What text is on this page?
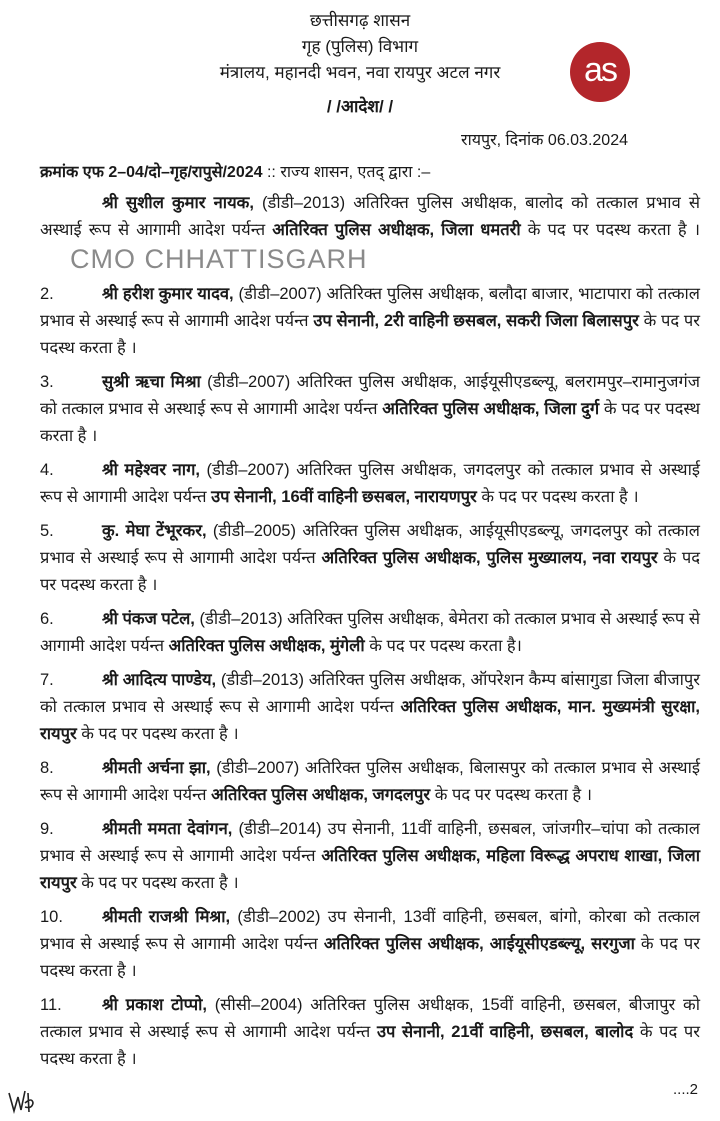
छत्तीसगढ़ शासन
गृह (पुलिस) विभाग
मंत्रालय, महानदी भवन, नवा रायपुर अटल नगर
/ /आदेश/ /
as
रायपुर, दिनांक 06.03.2024
क्रमांक एफ 2–04/दो–गृह/रापुसे/2024 :: राज्य शासन, एतद् द्वारा :–
श्री सुशील कुमार नायक, (डीडी–2013) अतिरिक्त पुलिस अधीक्षक, बालोद को तत्काल प्रभाव से अस्थाई रूप से आगामी आदेश पर्यन्त अतिरिक्त पुलिस अधीक्षक, जिला धमतरी के पद पर पदस्थ करता है ।CMO CHHATTISGARH
2.	श्री हरीश कुमार यादव, (डीडी–2007) अतिरिक्त पुलिस अधीक्षक, बलौदा बाजार, भाटापारा को तत्काल प्रभाव से अस्थाई रूप से आगामी आदेश पर्यन्त उप सेनानी, 2री वाहिनी छसबल, सकरी जिला बिलासपुर के पद पर पदस्थ करता है ।
3.	सुश्री ऋचा मिश्रा (डीडी–2007) अतिरिक्त पुलिस अधीक्षक, आईयूसीएडब्ल्यू, बलरामपुर–रामानुजगंज को तत्काल प्रभाव से अस्थाई रूप से आगामी आदेश पर्यन्त अतिरिक्त पुलिस अधीक्षक, जिला दुर्ग के पद पर पदस्थ करता है ।
4.	श्री महेश्वर नाग, (डीडी–2007) अतिरिक्त पुलिस अधीक्षक, जगदलपुर को तत्काल प्रभाव से अस्थाई रूप से आगामी आदेश पर्यन्त उप सेनानी, 16वीं वाहिनी छसबल, नारायणपुर के पद पर पदस्थ करता है ।
5.	कु. मेघा टेंभूरकर, (डीडी–2005) अतिरिक्त पुलिस अधीक्षक, आईयूसीएडब्ल्यू, जगदलपुर को तत्काल प्रभाव से अस्थाई रूप से आगामी आदेश पर्यन्त अतिरिक्त पुलिस अधीक्षक, पुलिस मुख्यालय, नवा रायपुर के पद पर पदस्थ करता है ।
6.	श्री पंकज पटेल, (डीडी–2013) अतिरिक्त पुलिस अधीक्षक, बेमेतरा को तत्काल प्रभाव से अस्थाई रूप से आगामी आदेश पर्यन्त अतिरिक्त पुलिस अधीक्षक, मुंगेली के पद पर पदस्थ करता है।
7.	श्री आदित्य पाण्डेय, (डीडी–2013) अतिरिक्त पुलिस अधीक्षक, ऑपरेशन कैम्प बांसागुडा जिला बीजापुर को तत्काल प्रभाव से अस्थाई रूप से आगामी आदेश पर्यन्त अतिरिक्त पुलिस अधीक्षक, मान. मुख्यमंत्री सुरक्षा, रायपुर के पद पर पदस्थ करता है ।
8.	श्रीमती अर्चना झा, (डीडी–2007) अतिरिक्त पुलिस अधीक्षक, बिलासपुर को तत्काल प्रभाव से अस्थाई रूप से आगामी आदेश पर्यन्त अतिरिक्त पुलिस अधीक्षक, जगदलपुर के पद पर पदस्थ करता है ।
9.	श्रीमती ममता देवांगन, (डीडी–2014) उप सेनानी, 11वीं वाहिनी, छसबल, जांजगीर–चांपा को तत्काल प्रभाव से अस्थाई रूप से आगामी आदेश पर्यन्त अतिरिक्त पुलिस अधीक्षक, महिला विरूद्ध अपराध शाखा, जिला रायपुर के पद पर पदस्थ करता है ।
10. श्रीमती राजश्री मिश्रा, (डीडी–2002) उप सेनानी, 13वीं वाहिनी, छसबल, बांगो, कोरबा को तत्काल प्रभाव से अस्थाई रूप से आगामी आदेश पर्यन्त अतिरिक्त पुलिस अधीक्षक, आईयूसीएडब्ल्यू, सरगुजा के पद पर पदस्थ करता है ।
11. श्री प्रकाश टोप्पो, (सीसी–2004) अतिरिक्त पुलिस अधीक्षक, 15वीं वाहिनी, छसबल, बीजापुर को तत्काल प्रभाव से अस्थाई रूप से आगामी आदेश पर्यन्त उप सेनानी, 21वीं वाहिनी, छसबल, बालोद के पद पर पदस्थ करता है ।
....2
